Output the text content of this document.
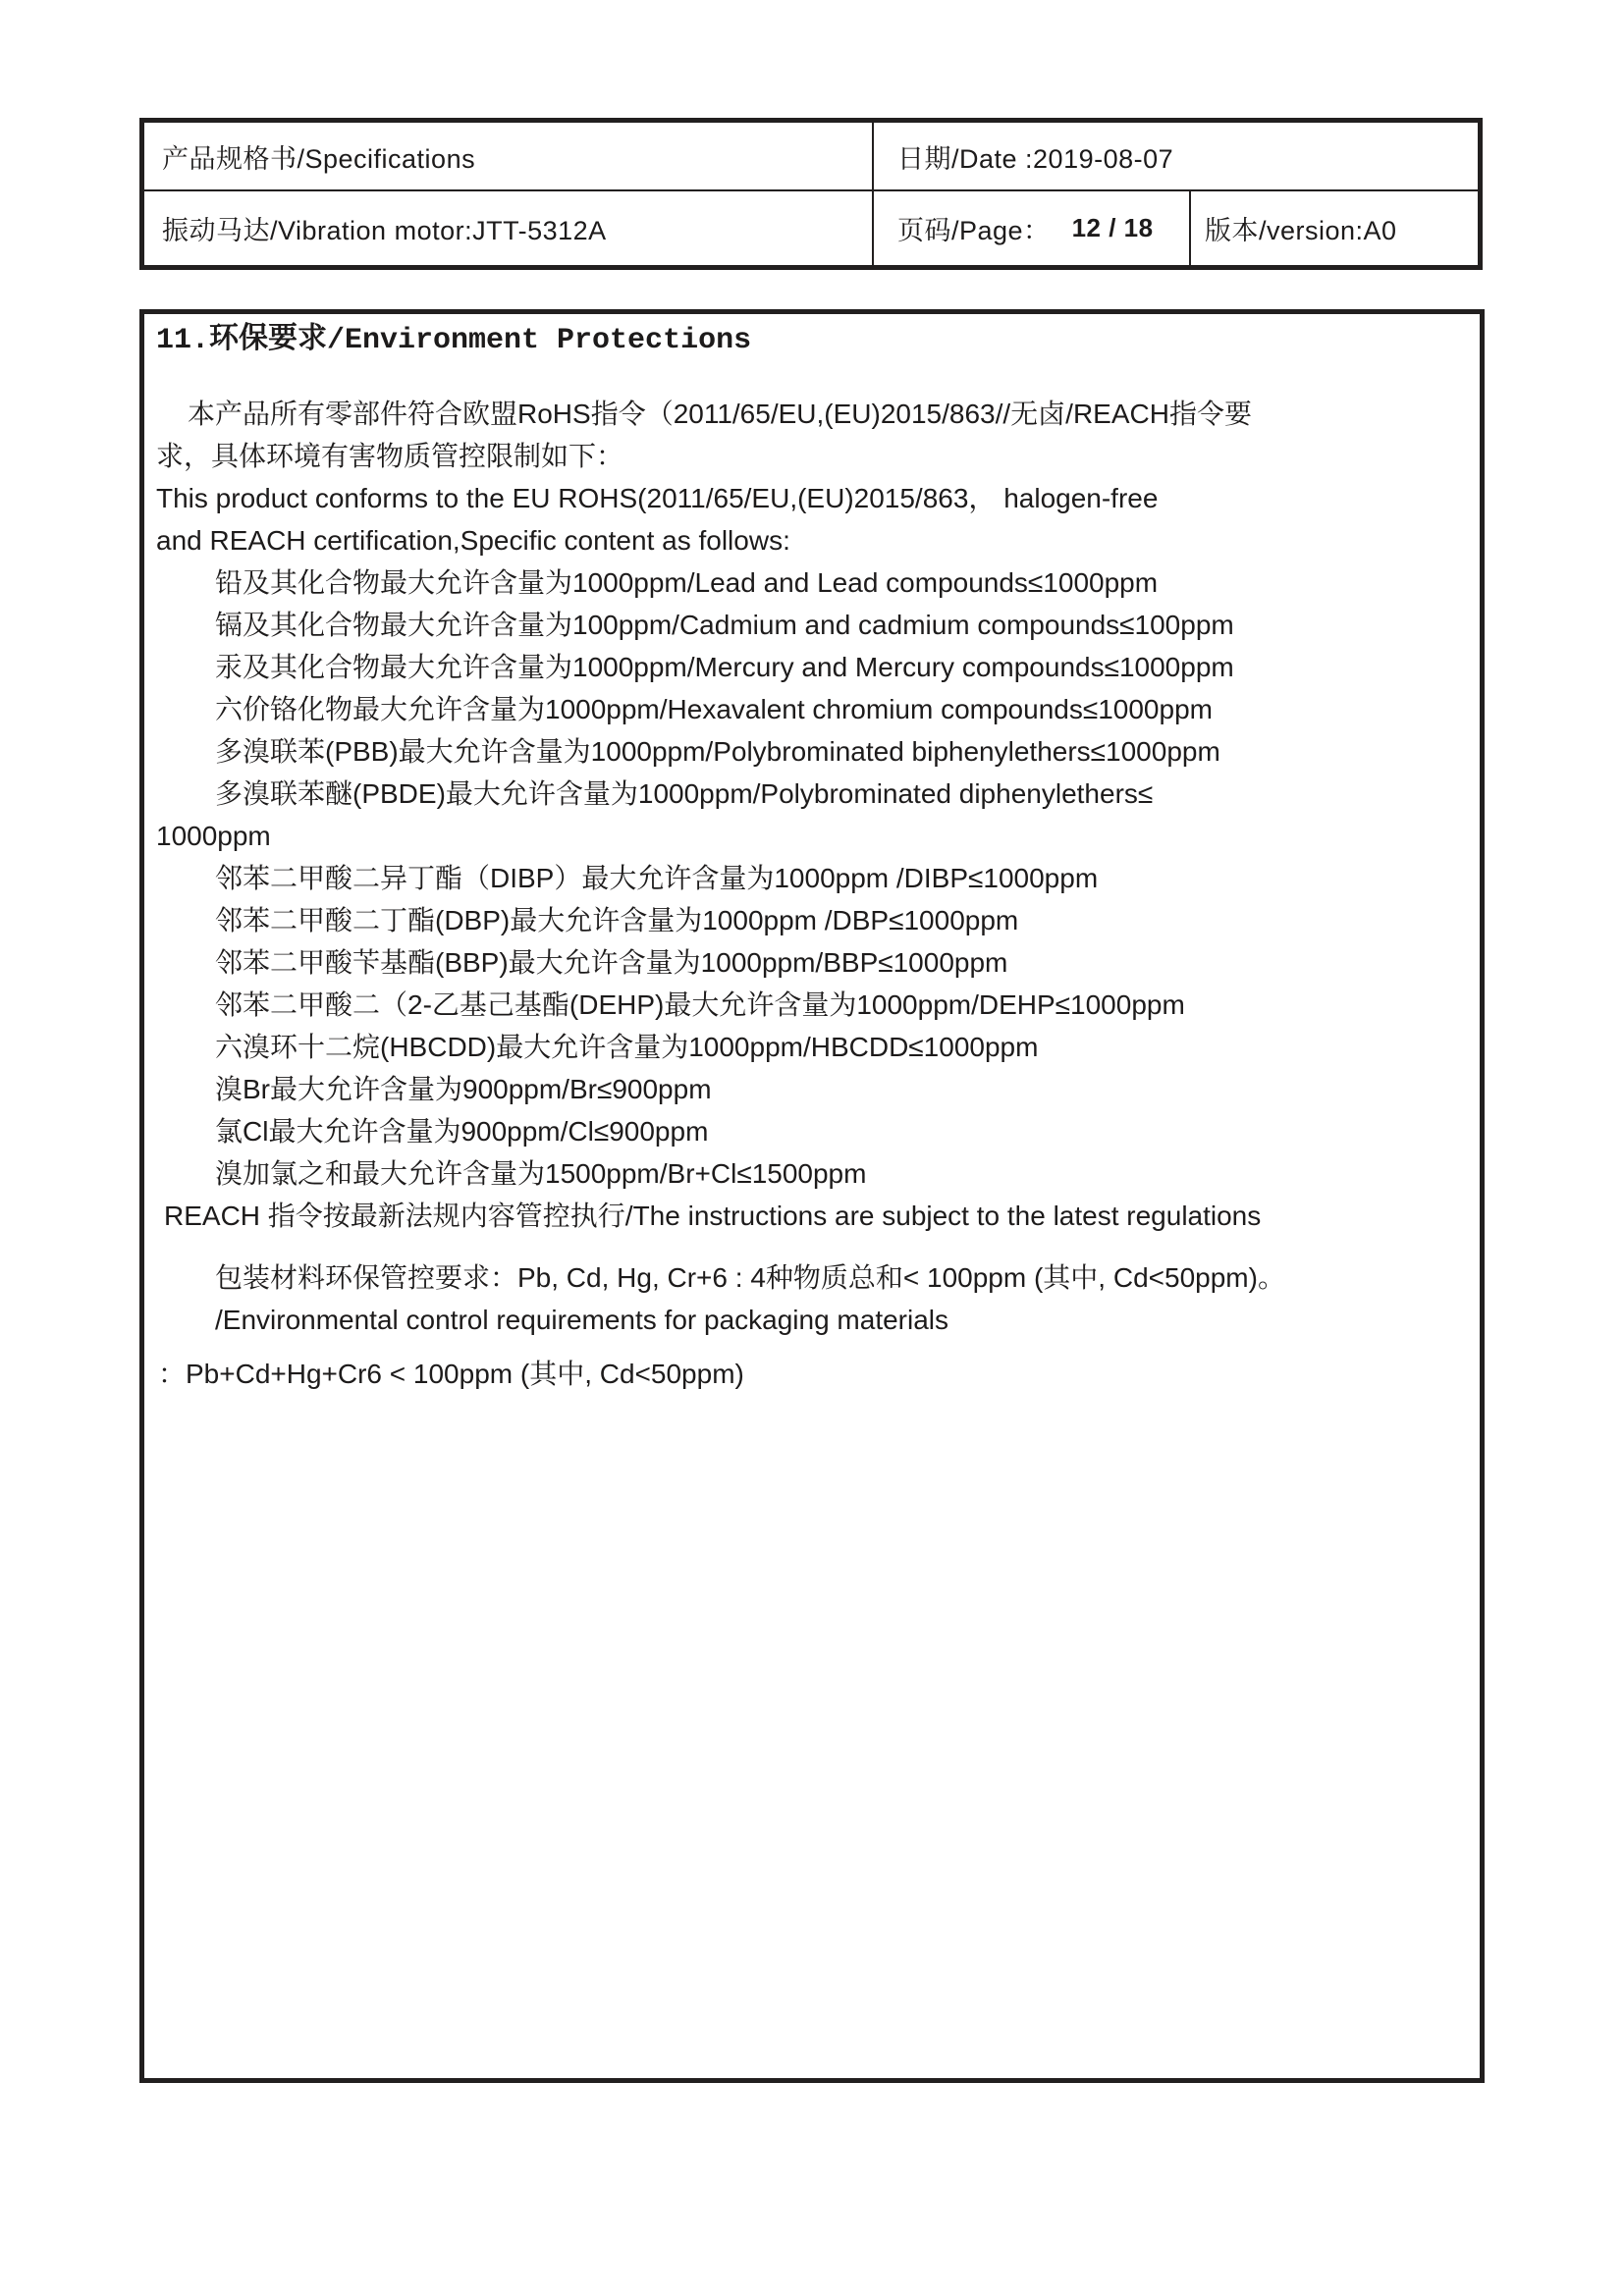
产品规格书/Specifications	日期/Date :2019-08-07
振动马达/Vibration motor:JTT-5312A	页码/Page： 12 / 18 版本/version:A0
11.环保要求/Environment Protections
本产品所有零部件符合欧盟RoHS指令（2011/65/EU,(EU)2015/863//无卤/REACH指令要
求，具体环境有害物质管控限制如下：
This product conforms to the EU ROHS(2011/65/EU,(EU)2015/863， halogen-free
and REACH certification,Specific content as follows:
铅及其化合物最大允许含量为1000ppm/Lead and Lead compounds≤1000ppm
镉及其化合物最大允许含量为100ppm/Cadmium and cadmium compounds≤100ppm
汞及其化合物最大允许含量为1000ppm/Mercury and Mercury compounds≤1000ppm
六价铬化物最大允许含量为1000ppm/Hexavalent chromium compounds≤1000ppm
多溴联苯(PBB)最大允许含量为1000ppm/Polybrominated biphenylethers≤1000ppm
多溴联苯醚(PBDE)最大允许含量为1000ppm/Polybrominated diphenylethers≤
1000ppm
邻苯二甲酸二异丁酯（DIBP）最大允许含量为1000ppm /DIBP≤1000ppm
邻苯二甲酸二丁酯(DBP)最大允许含量为1000ppm /DBP≤1000ppm
邻苯二甲酸苄基酯(BBP)最大允许含量为1000ppm/BBP≤1000ppm
邻苯二甲酸二（2-乙基己基酯(DEHP)最大允许含量为1000ppm/DEHP≤1000ppm
六溴环十二烷(HBCDD)最大允许含量为1000ppm/HBCDD≤1000ppm
溴Br最大允许含量为900ppm/Br≤900ppm
氯Cl最大允许含量为900ppm/Cl≤900ppm
溴加氯之和最大允许含量为1500ppm/Br+Cl≤1500ppm
REACH 指令按最新法规内容管控执行/The instructions are subject to the latest regulations
包装材料环保管控要求：Pb, Cd, Hg, Cr+6 : 4种物质总和< 100ppm (其中, Cd<50ppm)。
/Environmental control requirements for packaging materials
：Pb+Cd+Hg+Cr6 < 100ppm (其中, Cd<50ppm)
